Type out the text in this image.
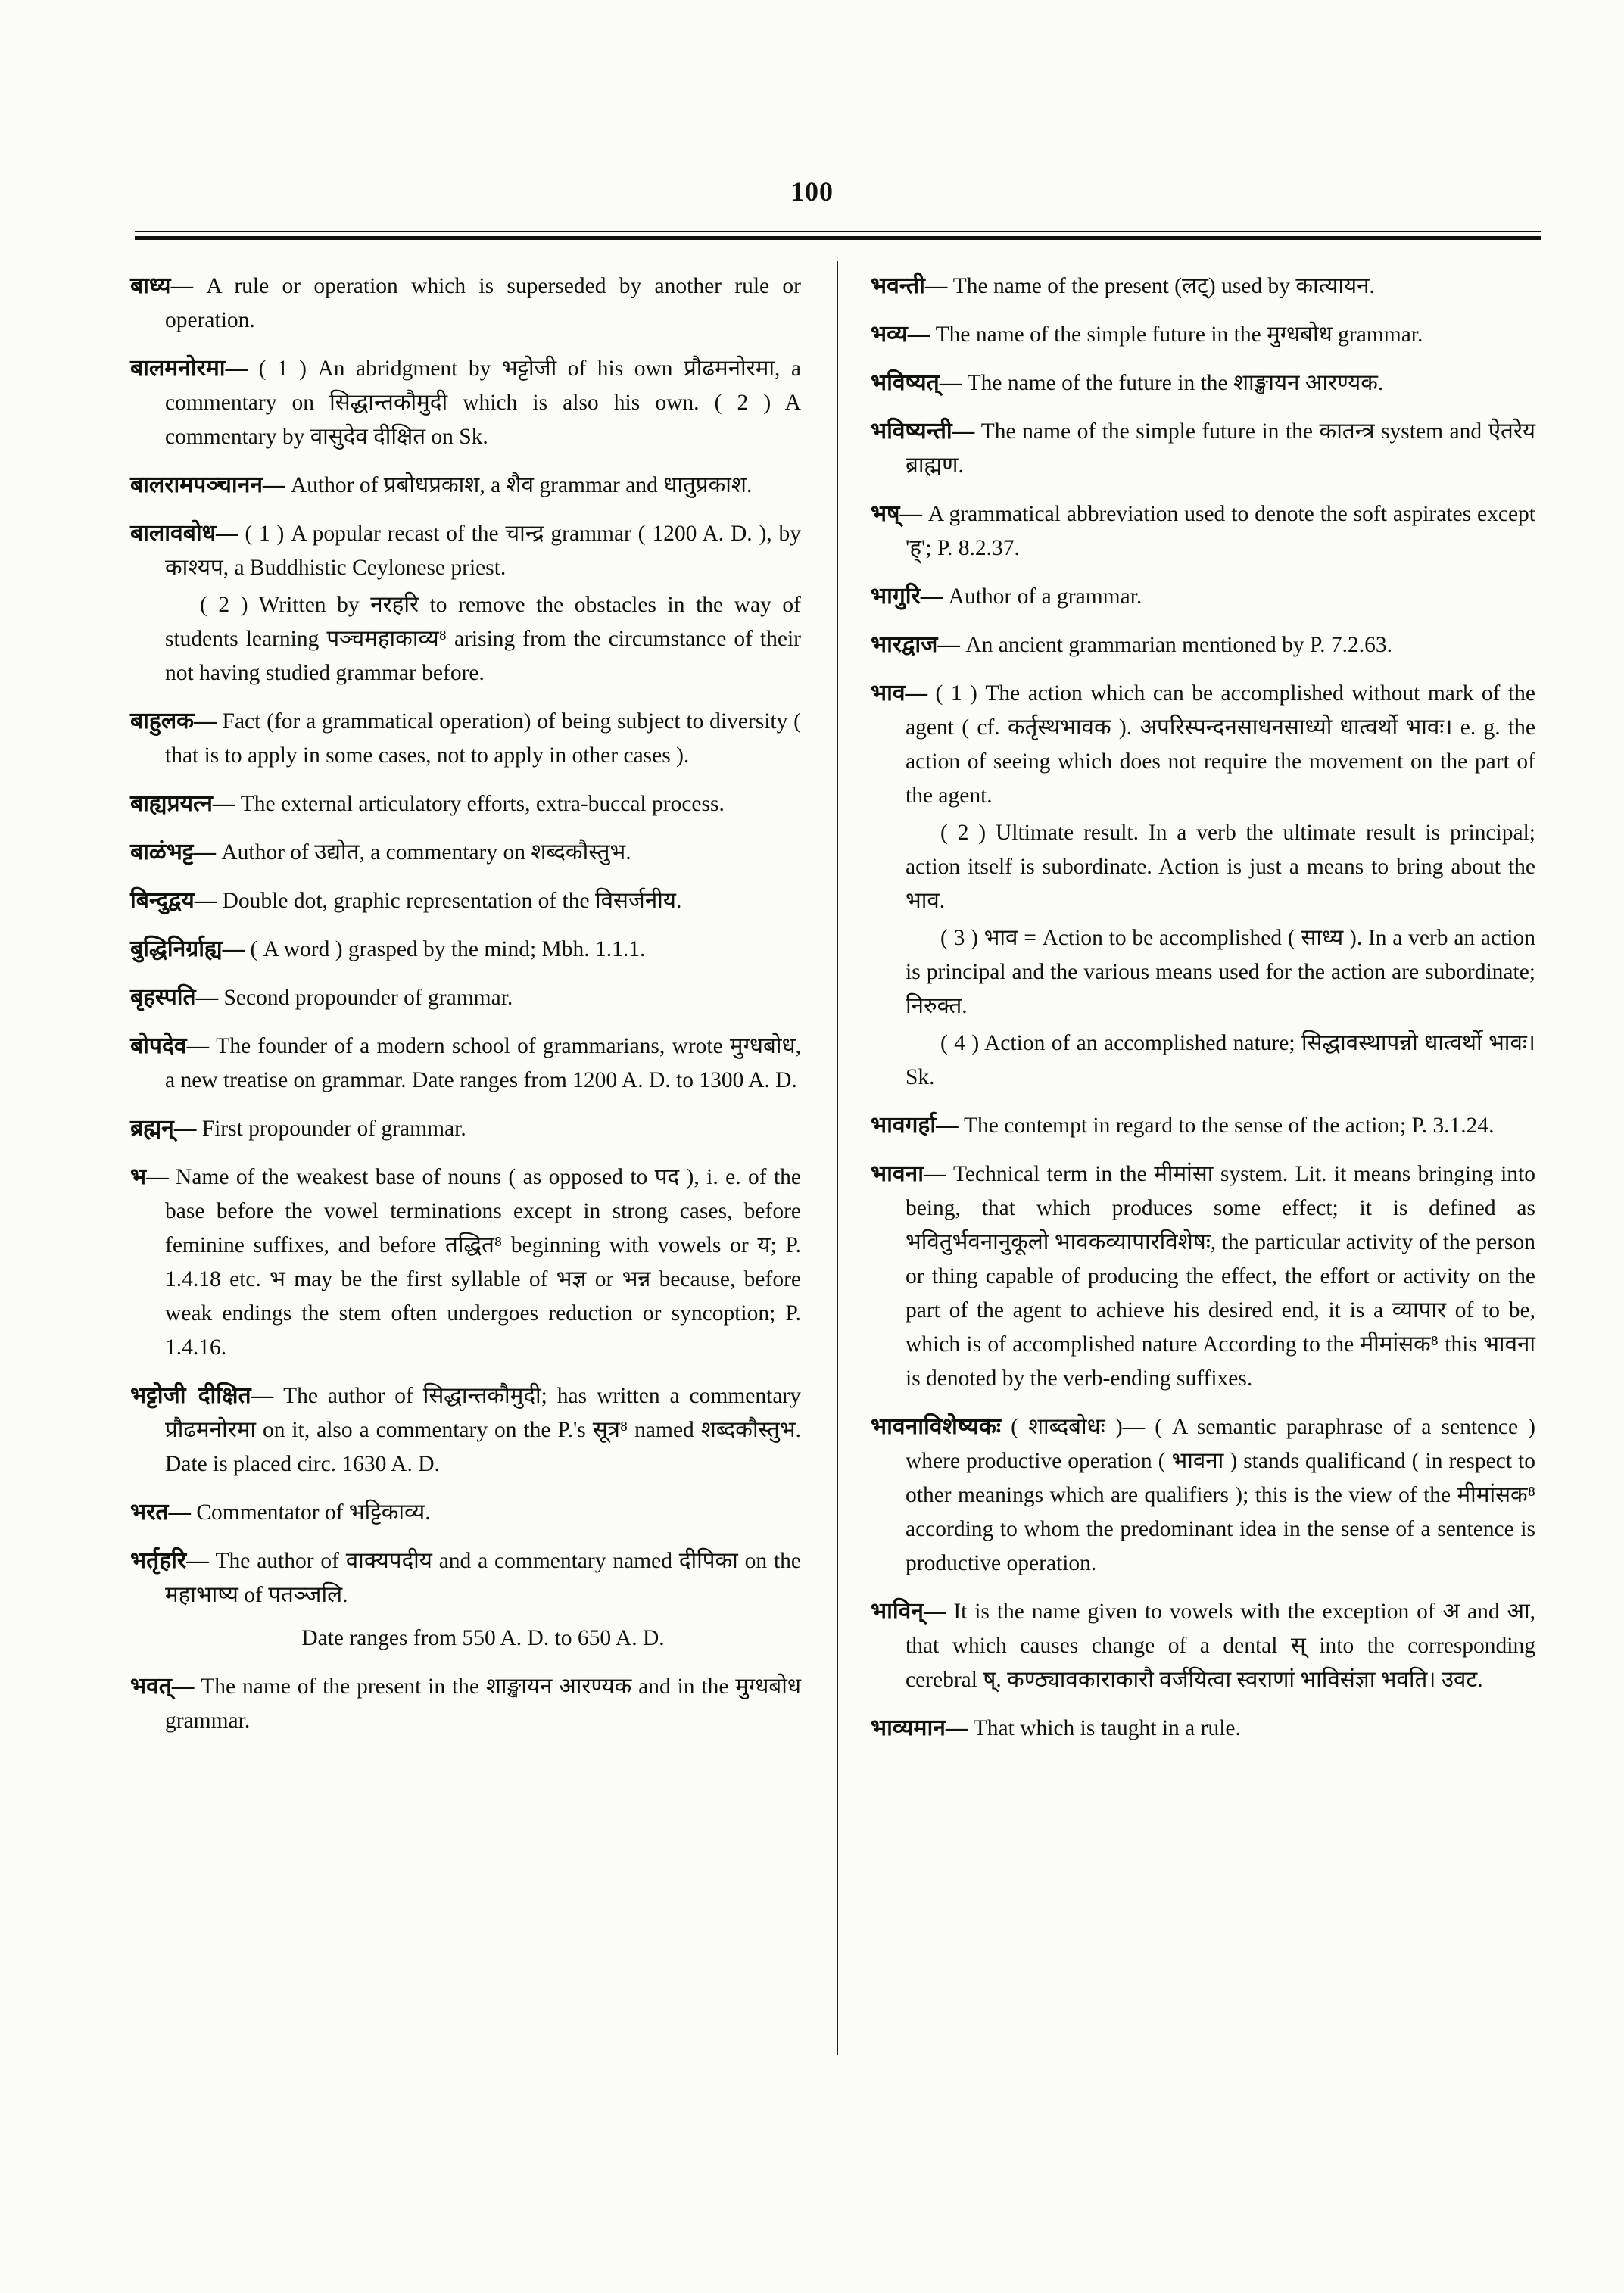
100

बाध्य— A rule or operation which is superseded by another rule or operation.

बालमनोरमा— ( 1 ) An abridgment by भट्टोजी of his own प्रौढमनोरमा, a commentary on सिद्धान्तकौमुदी which is also his own. ( 2 ) A commentary by वासुदेव दीक्षित on Sk.

बालरामपञ्चानन— Author of प्रबोधप्रकाश, a शैव grammar and धातुप्रकाश.

बालावबोध— ( 1 ) A popular recast of the चान्द्र grammar ( 1200 A. D. ), by काश्यप, a Buddhistic Ceylonese priest.
( 2 ) Written by नरहरि to remove the obstacles in the way of students learning पञ्चमहाकाव्य⁸ arising from the circumstance of their not having studied grammar before.

बाहुलक— Fact (for a grammatical operation) of being subject to diversity ( that is to apply in some cases, not to apply in other cases ).

बाह्यप्रयत्न— The external articulatory efforts, extra-buccal process.

बाळंभट्ट— Author of उद्योत, a commentary on शब्दकौस्तुभ.

बिन्दुद्वय— Double dot, graphic representation of the विसर्जनीय.

बुद्धिनिर्ग्राह्य— ( A word ) grasped by the mind; Mbh. 1.1.1.

बृहस्पति— Second propounder of grammar.

बोपदेव— The founder of a modern school of grammarians, wrote मुग्धबोध, a new treatise on grammar. Date ranges from 1200 A. D. to 1300 A. D.

ब्रह्मन्— First propounder of grammar.

भ— Name of the weakest base of nouns ( as opposed to पद ), i. e. of the base before the vowel terminations except in strong cases, before feminine suffixes, and before तद्धित⁸ beginning with vowels or य; P. 1.4.18 etc. भ may be the first syllable of भज्ञ or भन्न because, before weak endings the stem often undergoes reduction or syncoption; P. 1.4.16.

भट्टोजी दीक्षित— The author of सिद्धान्तकौमुदी; has written a commentary प्रौढमनोरमा on it, also a commentary on the P.'s सूत्र⁸ named शब्दकौस्तुभ. Date is placed circ. 1630 A. D.

भरत— Commentator of भट्टिकाव्य.

भर्तृहरि— The author of वाक्यपदीय and a commentary named दीपिका on the महाभाष्य of पतञ्जलि.
Date ranges from 550 A. D. to 650 A. D.

भवत्— The name of the present in the शाङ्खायन आरण्यक and in the मुग्धबोध grammar.

भवन्ती— The name of the present (लट्) used by कात्यायन.

भव्य— The name of the simple future in the मुग्धबोध grammar.

भविष्यत्— The name of the future in the शाङ्खायन आरण्यक.

भविष्यन्ती— The name of the simple future in the कातन्त्र system and ऐतरेय ब्राह्मण.

भष्— A grammatical abbreviation used to denote the soft aspirates except 'ह्'; P. 8.2.37.

भागुरि— Author of a grammar.

भारद्वाज— An ancient grammarian mentioned by P. 7.2.63.

भाव— ( 1 ) The action which can be accomplished without mark of the agent ( cf. कर्तृस्थभावक ). अपरिस्पन्दनसाधनसाध्यो धात्वर्थो भावः। e. g. the action of seeing which does not require the movement on the part of the agent.
( 2 ) Ultimate result. In a verb the ultimate result is principal; action itself is subordinate. Action is just a means to bring about the भाव.
( 3 ) भाव = Action to be accomplished ( साध्य ). In a verb an action is principal and the various means used for the action are subordinate; निरुक्त.
( 4 ) Action of an accomplished nature; सिद्धावस्थापन्नो धात्वर्थो भावः। Sk.

भावगर्हा— The contempt in regard to the sense of the action; P. 3.1.24.

भावना— Technical term in the मीमांसा system. Lit. it means bringing into being, that which produces some effect; it is defined as भवितुर्भवनानुकूलो भावकव्यापारविशेषः, the particular activity of the person or thing capable of producing the effect, the effort or activity on the part of the agent to achieve his desired end, it is a व्यापार of to be, which is of accomplished nature According to the मीमांसक⁸ this भावना is denoted by the verb-ending suffixes.

भावनाविशेष्यकः ( शाब्दबोधः )— ( A semantic paraphrase of a sentence ) where productive operation ( भावना ) stands qualificand ( in respect to other meanings which are qualifiers ); this is the view of the मीमांसक⁸ according to whom the predominant idea in the sense of a sentence is productive operation.

भाविन्— It is the name given to vowels with the exception of अ and आ, that which causes change of a dental स् into the corresponding cerebral ष्. कण्ठ्यावकाराकारौ वर्जयित्वा स्वराणां भाविसंज्ञा भवति। उवट.

भाव्यमान— That which is taught in a rule.
